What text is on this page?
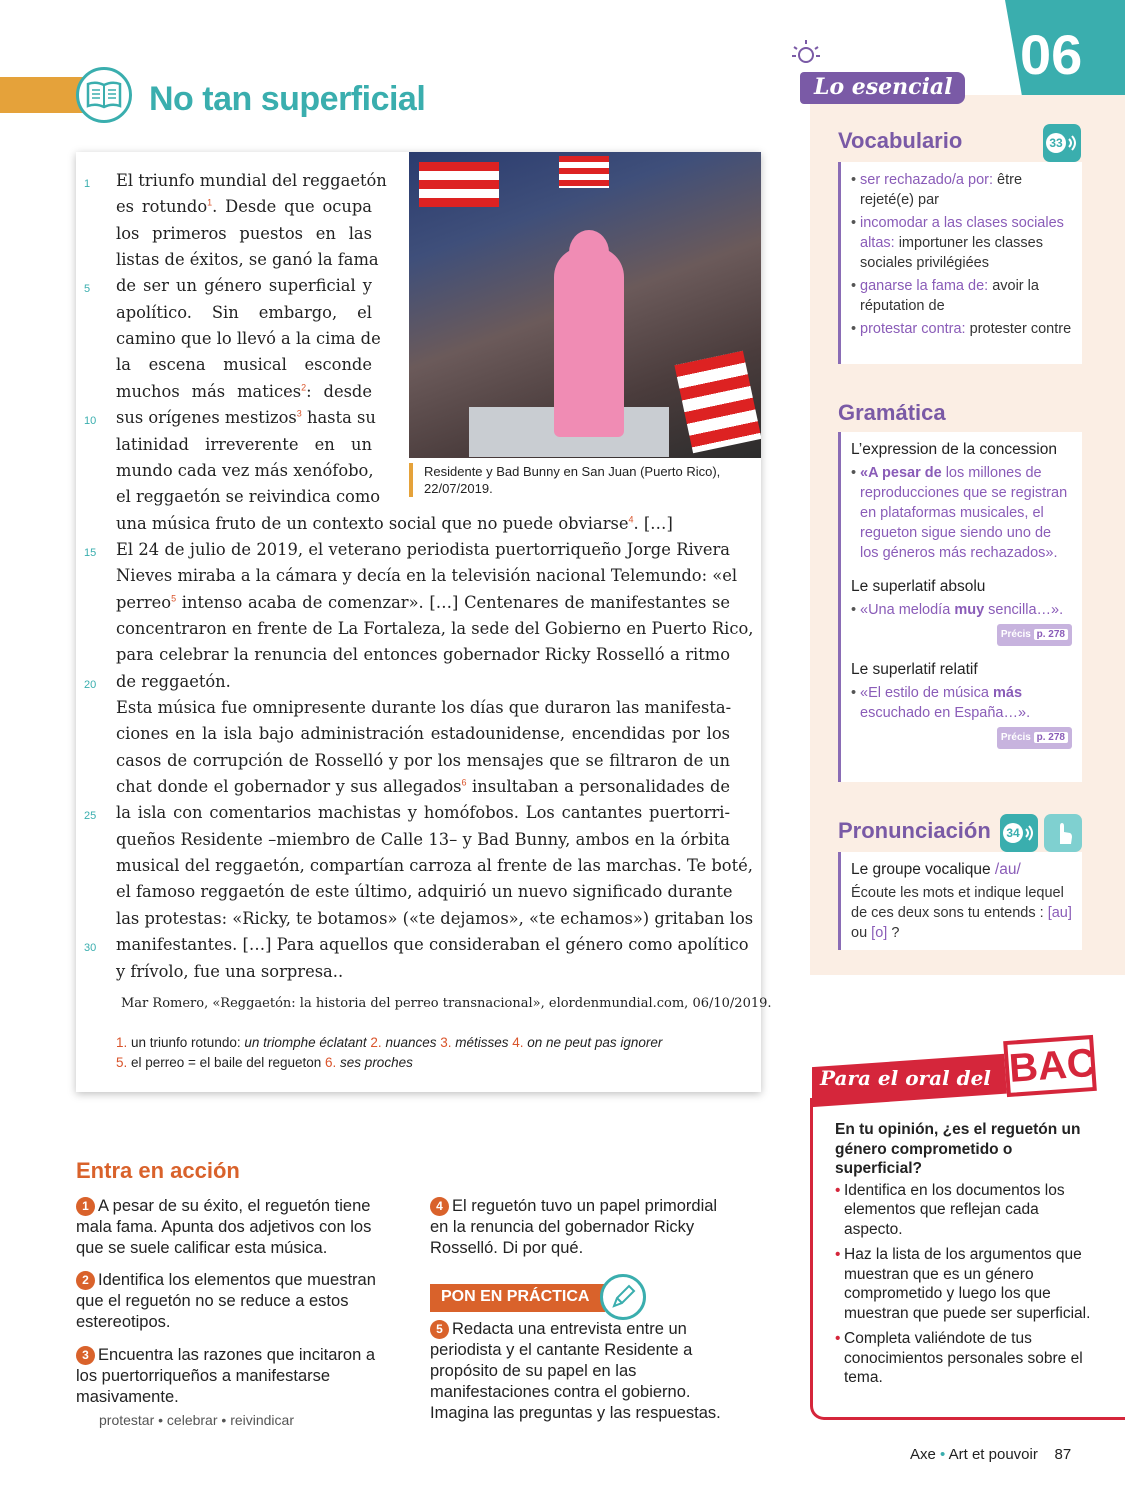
No tan superficial
06
Lo esencial
Vocabulario	33
• ser rechazado/a por: être rejeté(e) par
• incomodar a las clases sociales altas: importuner les classes sociales privilégiées
• ganarse la fama de: avoir la réputation de
• protestar contra: protester contre
Gramática
L’expression de la concession
• «A pesar de los millones de reproducciones que se registran en plataformas musicales, el regueton sigue siendo uno de los géneros más rechazados».
Le superlatif absolu
• «Una melodía muy sencilla…».
Précis p. 278
Le superlatif relatif
• «El estilo de música más escuchado en España…».
Précis p. 278
Pronunciación 34
Le groupe vocalique /au/
Écoute les mots et indique lequel de ces deux sons tu entends : [au] ou [o] ?
Residente y Bad Bunny en San Juan (Puerto Rico), 22/07/2019.
1
5
10
15
20
25
30
El triunfo mundial del reggaetón
es rotundo$^1$. Desde que ocupa
los primeros puestos en las
listas de éxitos, se ganó la fama
de ser un género superficial y
apolítico. Sin embargo, el
camino que lo llevó a la cima de
la escena musical esconde
muchos más matices$^2$: desde
sus orígenes mestizos$^3$ hasta su
latinidad irreverente en un
mundo cada vez más xenófobo,
el reggaetón se reivindica como
una música fruto de un contexto social que no puede obviarse$^4$. […]
El 24 de julio de 2019, el veterano periodista puertorriqueño Jorge Rivera
Nieves miraba a la cámara y decía en la televisión nacional Telemundo: «el
perreo$^5$ intenso acaba de comenzar». […] Centenares de manifestantes se
concentraron en frente de La Fortaleza, la sede del Gobierno en Puerto Rico,
para celebrar la renuncia del entonces gobernador Ricky Rosselló a ritmo
de reggaetón.
Esta música fue omnipresente durante los días que duraron las manifesta-
ciones en la isla bajo administración estadounidense, encendidas por los
casos de corrupción de Rosselló y por los mensajes que se filtraron de un
chat donde el gobernador y sus allegados$^6$ insultaban a personalidades de
la isla con comentarios machistas y homófobos. Los cantantes puertorri-
queños Residente –miembro de Calle 13– y Bad Bunny, ambos en la órbita
musical del reggaetón, compartían carroza al frente de las marchas. Te boté,
el famoso reggaetón de este último, adquirió un nuevo significado durante
las protestas: «Ricky, te botamos» («te dejamos», «te echamos») gritaban los
manifestantes. […] Para aquellos que consideraban el género como apolítico
y frívolo, fue una sorpresa..
Mar Romero, «Reggaetón: la historia del perreo transnacional», elordenmundial.com, 06/10/2019.
1. un triunfo rotundo: un triomphe éclatant 2. nuances 3. métisses 4. on ne peut pas ignorer
5. el perreo = el baile del regueton 6. ses proches
Entra en acción
1 A pesar de su éxito, el reguetón tiene mala fama. Apunta dos adjetivos con los que se suele calificar esta música.
2 Identifica los elementos que muestran que el reguetón no se reduce a estos estereotipos.
3 Encuentra las razones que incitaron a los puertorriqueños a manifestarse masivamente.
protestar • celebrar • reivindicar
4 El reguetón tuvo un papel primordial en la renuncia del gobernador Ricky Rosselló. Di por qué.
PON EN PRÁCTICA
5 Redacta una entrevista entre un periodista y el cantante Residente a propósito de su papel en las manifestaciones contra el gobierno. Imagina las preguntas y las respuestas.
Para el oral del BAC
En tu opinión, ¿es el reguetón un género comprometido o superficial?
• Identifica en los documentos los elementos que reflejan cada aspecto.
• Haz la lista de los argumentos que muestran que es un género comprometido y luego los que muestran que puede ser superficial.
• Completa valiéndote de tus conocimientos personales sobre el tema.
Axe • Art et pouvoir 87
